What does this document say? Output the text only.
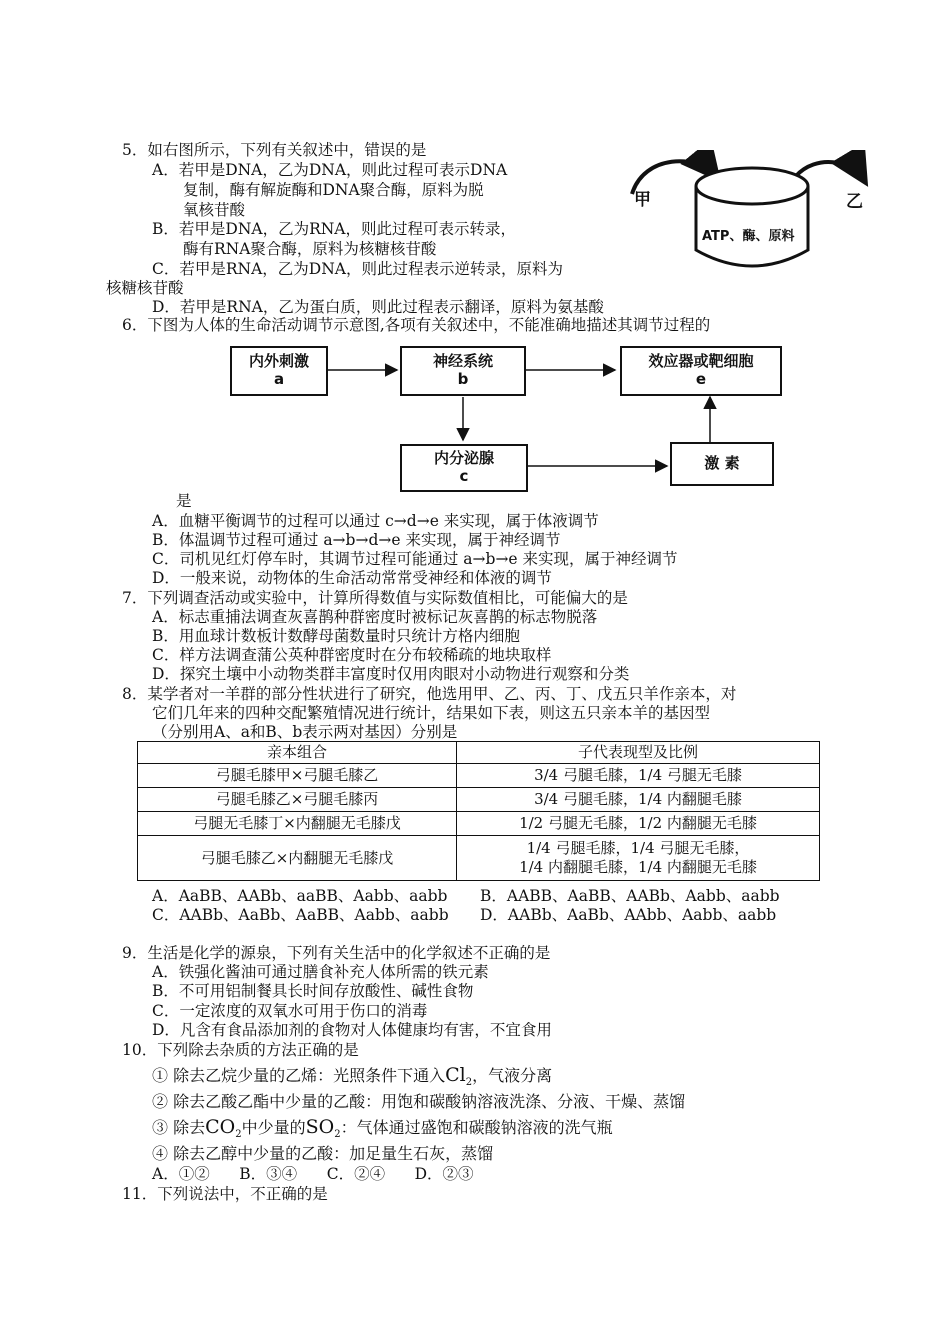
5．如右图所示，下列有关叙述中，错误的是
A．若甲是DNA，乙为DNA，则此过程可表示DNA
复制，酶有解旋酶和DNA聚合酶，原料为脱
氧核苷酸
B．若甲是DNA，乙为RNA，则此过程可表示转录，
酶有RNA聚合酶，原料为核糖核苷酸
C．若甲是RNA，乙为DNA，则此过程表示逆转录，原料为
核糖核苷酸
D．若甲是RNA，乙为蛋白质，则此过程表示翻译，原料为氨基酸
甲	乙
ATP、酶、原料
6．下图为人体的生命活动调节示意图,各项有关叙述中，不能准确地描述其调节过程的
内外刺激
a
神经系统
b
效应器或靶细胞
e
内分泌腺
c
激 素
是
A．血糖平衡调节的过程可以通过 c→d→e 来实现，属于体液调节
B．体温调节过程可通过 a→b→d→e 来实现，属于神经调节
C．司机见红灯停车时，其调节过程可能通过 a→b→e 来实现，属于神经调节
D．一般来说，动物体的生命活动常常受神经和体液的调节
7．下列调查活动或实验中，计算所得数值与实际数值相比，可能偏大的是
A．标志重捕法调查灰喜鹊种群密度时被标记灰喜鹊的标志物脱落
B．用血球计数板计数酵母菌数量时只统计方格内细胞
C．样方法调查蒲公英种群密度时在分布较稀疏的地块取样
D．探究土壤中小动物类群丰富度时仅用肉眼对小动物进行观察和分类
8．某学者对一羊群的部分性状进行了研究，他选用甲、乙、丙、丁、戊五只羊作亲本，对
它们几年来的四种交配繁殖情况进行统计，结果如下表，则这五只亲本羊的基因型
（分别用A、a和B、b表示两对基因）分别是
亲本组合	子代表现型及比例
弓腿毛膝甲×弓腿毛膝乙	3/4 弓腿毛膝，1/4 弓腿无毛膝
弓腿毛膝乙×弓腿毛膝丙	3/4 弓腿毛膝，1/4 内翻腿毛膝
弓腿无毛膝丁×内翻腿无毛膝戊	1/2 弓腿无毛膝，1/2 内翻腿无毛膝
弓腿毛膝乙×内翻腿无毛膝戊	1/4 弓腿毛膝，1/4 弓腿无毛膝，
1/4 内翻腿毛膝，1/4 内翻腿无毛膝
A．AaBB、AABb、aaBB、Aabb、aabb B．AABB、AaBB、AABb、Aabb、aabb
C．AABb、AaBb、AaBB、Aabb、aabb D．AABb、AaBb、AAbb、Aabb、aabb
9．生活是化学的源泉，下列有关生活中的化学叙述不正确的是
A．铁强化酱油可通过膳食补充人体所需的铁元素
B．不可用铝制餐具长时间存放酸性、碱性食物
C．一定浓度的双氧水可用于伤口的消毒
D．凡含有食品添加剂的食物对人体健康均有害，不宜食用
10．下列除去杂质的方法正确的是
① 除去乙烷少量的乙烯：光照条件下通入$Cl_2$，气液分离
② 除去乙酸乙酯中少量的乙酸：用饱和碳酸钠溶液洗涤、分液、干燥、蒸馏
③ 除去$CO_2$中少量的$SO_2$：气体通过盛饱和碳酸钠溶液的洗气瓶
④ 除去乙醇中少量的乙酸：加足量生石灰，蒸馏
A．①②      B．③④      C．②④      D．②③
11．下列说法中，不正确的是
